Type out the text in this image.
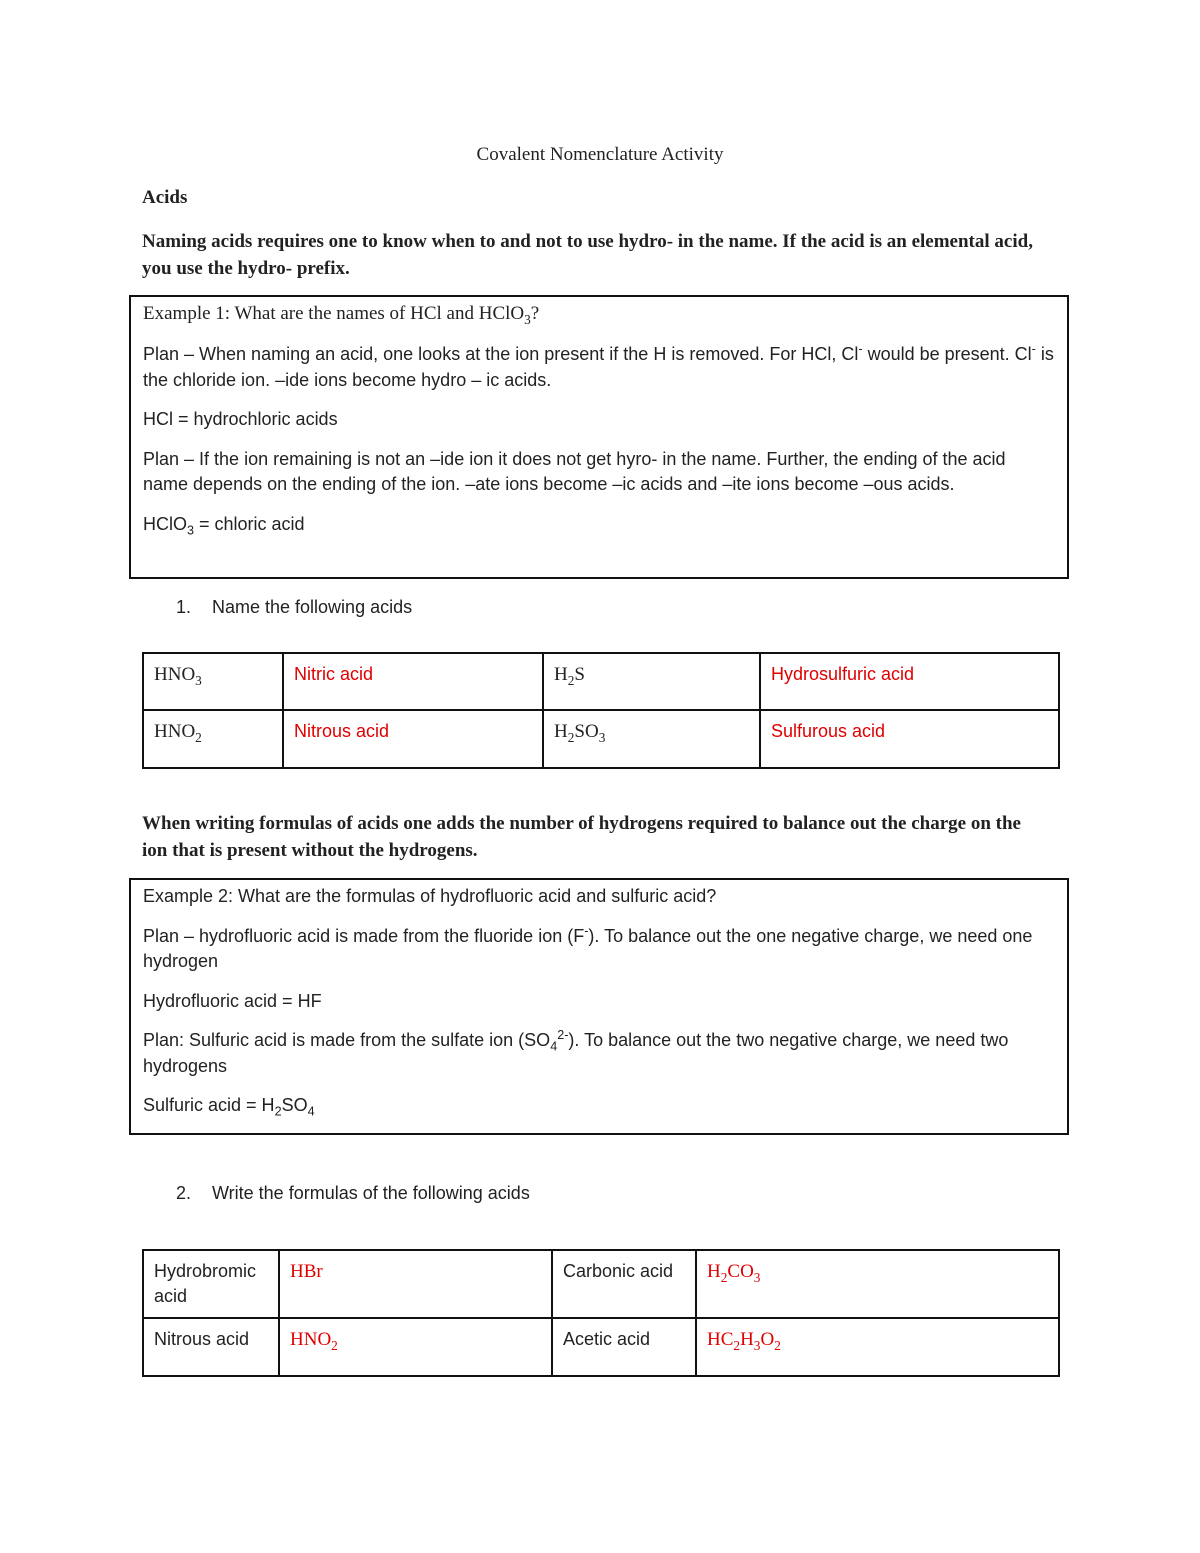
Covalent Nomenclature Activity
Acids
Naming acids requires one to know when to and not to use hydro- in the name. If the acid is an elemental acid, you use the hydro- prefix.

Example 1: What are the names of HCl and HClO$_3$?

Plan – When naming an acid, one looks at the ion present if the H is removed. For HCl, Cl- would be present. Cl- is the chloride ion. –ide ions become hydro – ic acids.

HCl = hydrochloric acids

Plan – If the ion remaining is not an –ide ion it does not get hyro- in the name. Further, the ending of the acid name depends on the ending of the ion. –ate ions become –ic acids and –ite ions become –ous acids.

HClO$_3$ = chloric acid

1. Name the following acids
$HNO_3$	Nitric acid	$H_2S$	Hydrosulfuric acid
$HNO_2$	Nitrous acid	$H_2SO_3$	Sulfurous acid
When writing formulas of acids one adds the number of hydrogens required to balance out the charge on the ion that is present without the hydrogens.

Example 2: What are the formulas of hydrofluoric acid and sulfuric acid?

Plan – hydrofluoric acid is made from the fluoride ion (F-). To balance out the one negative charge, we need one hydrogen

Hydrofluoric acid = HF

Plan: Sulfuric acid is made from the sulfate ion $(SO_4^{2-})$. To balance out the two negative charge, we need two hydrogens

Sulfuric acid = $H_2SO_4$

2. Write the formulas of the following acids
Hydrobromic acid	HBr	Carbonic acid	$H_2CO_3$
Nitrous acid	$HNO_2$	Acetic acid	$HC_2H_3O_2$
